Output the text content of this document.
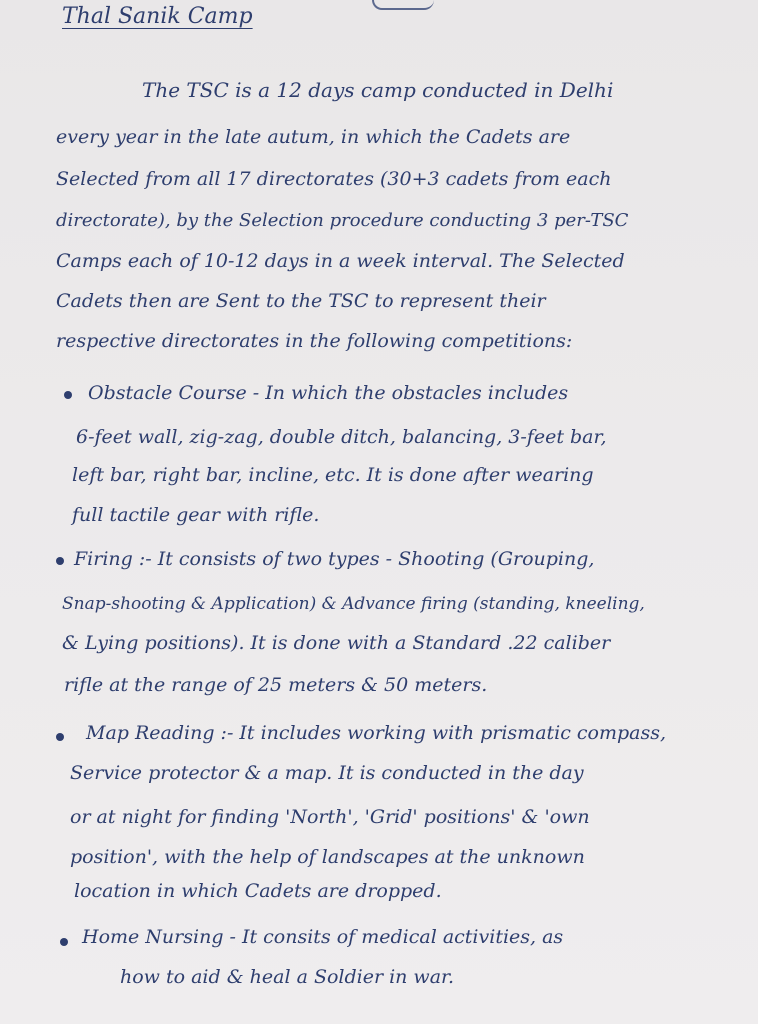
Thal Sanik Camp
The TSC is a 12 days camp conducted in Delhi
every year in the late autum, in which the Cadets are
Selected from all 17 directorates (30+3 cadets from each
directorate), by the Selection procedure conducting 3 per-TSC
Camps each of 10-12 days in a week interval. The Selected
Cadets then are Sent to the TSC to represent their
respective directorates in the following competitions:
Obstacle Course - In which the obstacles includes
6-feet wall, zig-zag, double ditch, balancing, 3-feet bar,
left bar, right bar, incline, etc. It is done after wearing
full tactile gear with rifle.
Firing :- It consists of two types - Shooting (Grouping,
Snap-shooting & Application) & Advance firing (standing, kneeling,
& Lying positions). It is done with a Standard .22 caliber
rifle at the range of 25 meters & 50 meters.
Map Reading :- It includes working with prismatic compass,
Service protector & a map. It is conducted in the day
or at night for finding 'North', 'Grid' positions' & 'own
position', with the help of landscapes at the unknown
location in which Cadets are dropped.
Home Nursing - It consits of medical activities, as
how to aid & heal a Soldier in war.
